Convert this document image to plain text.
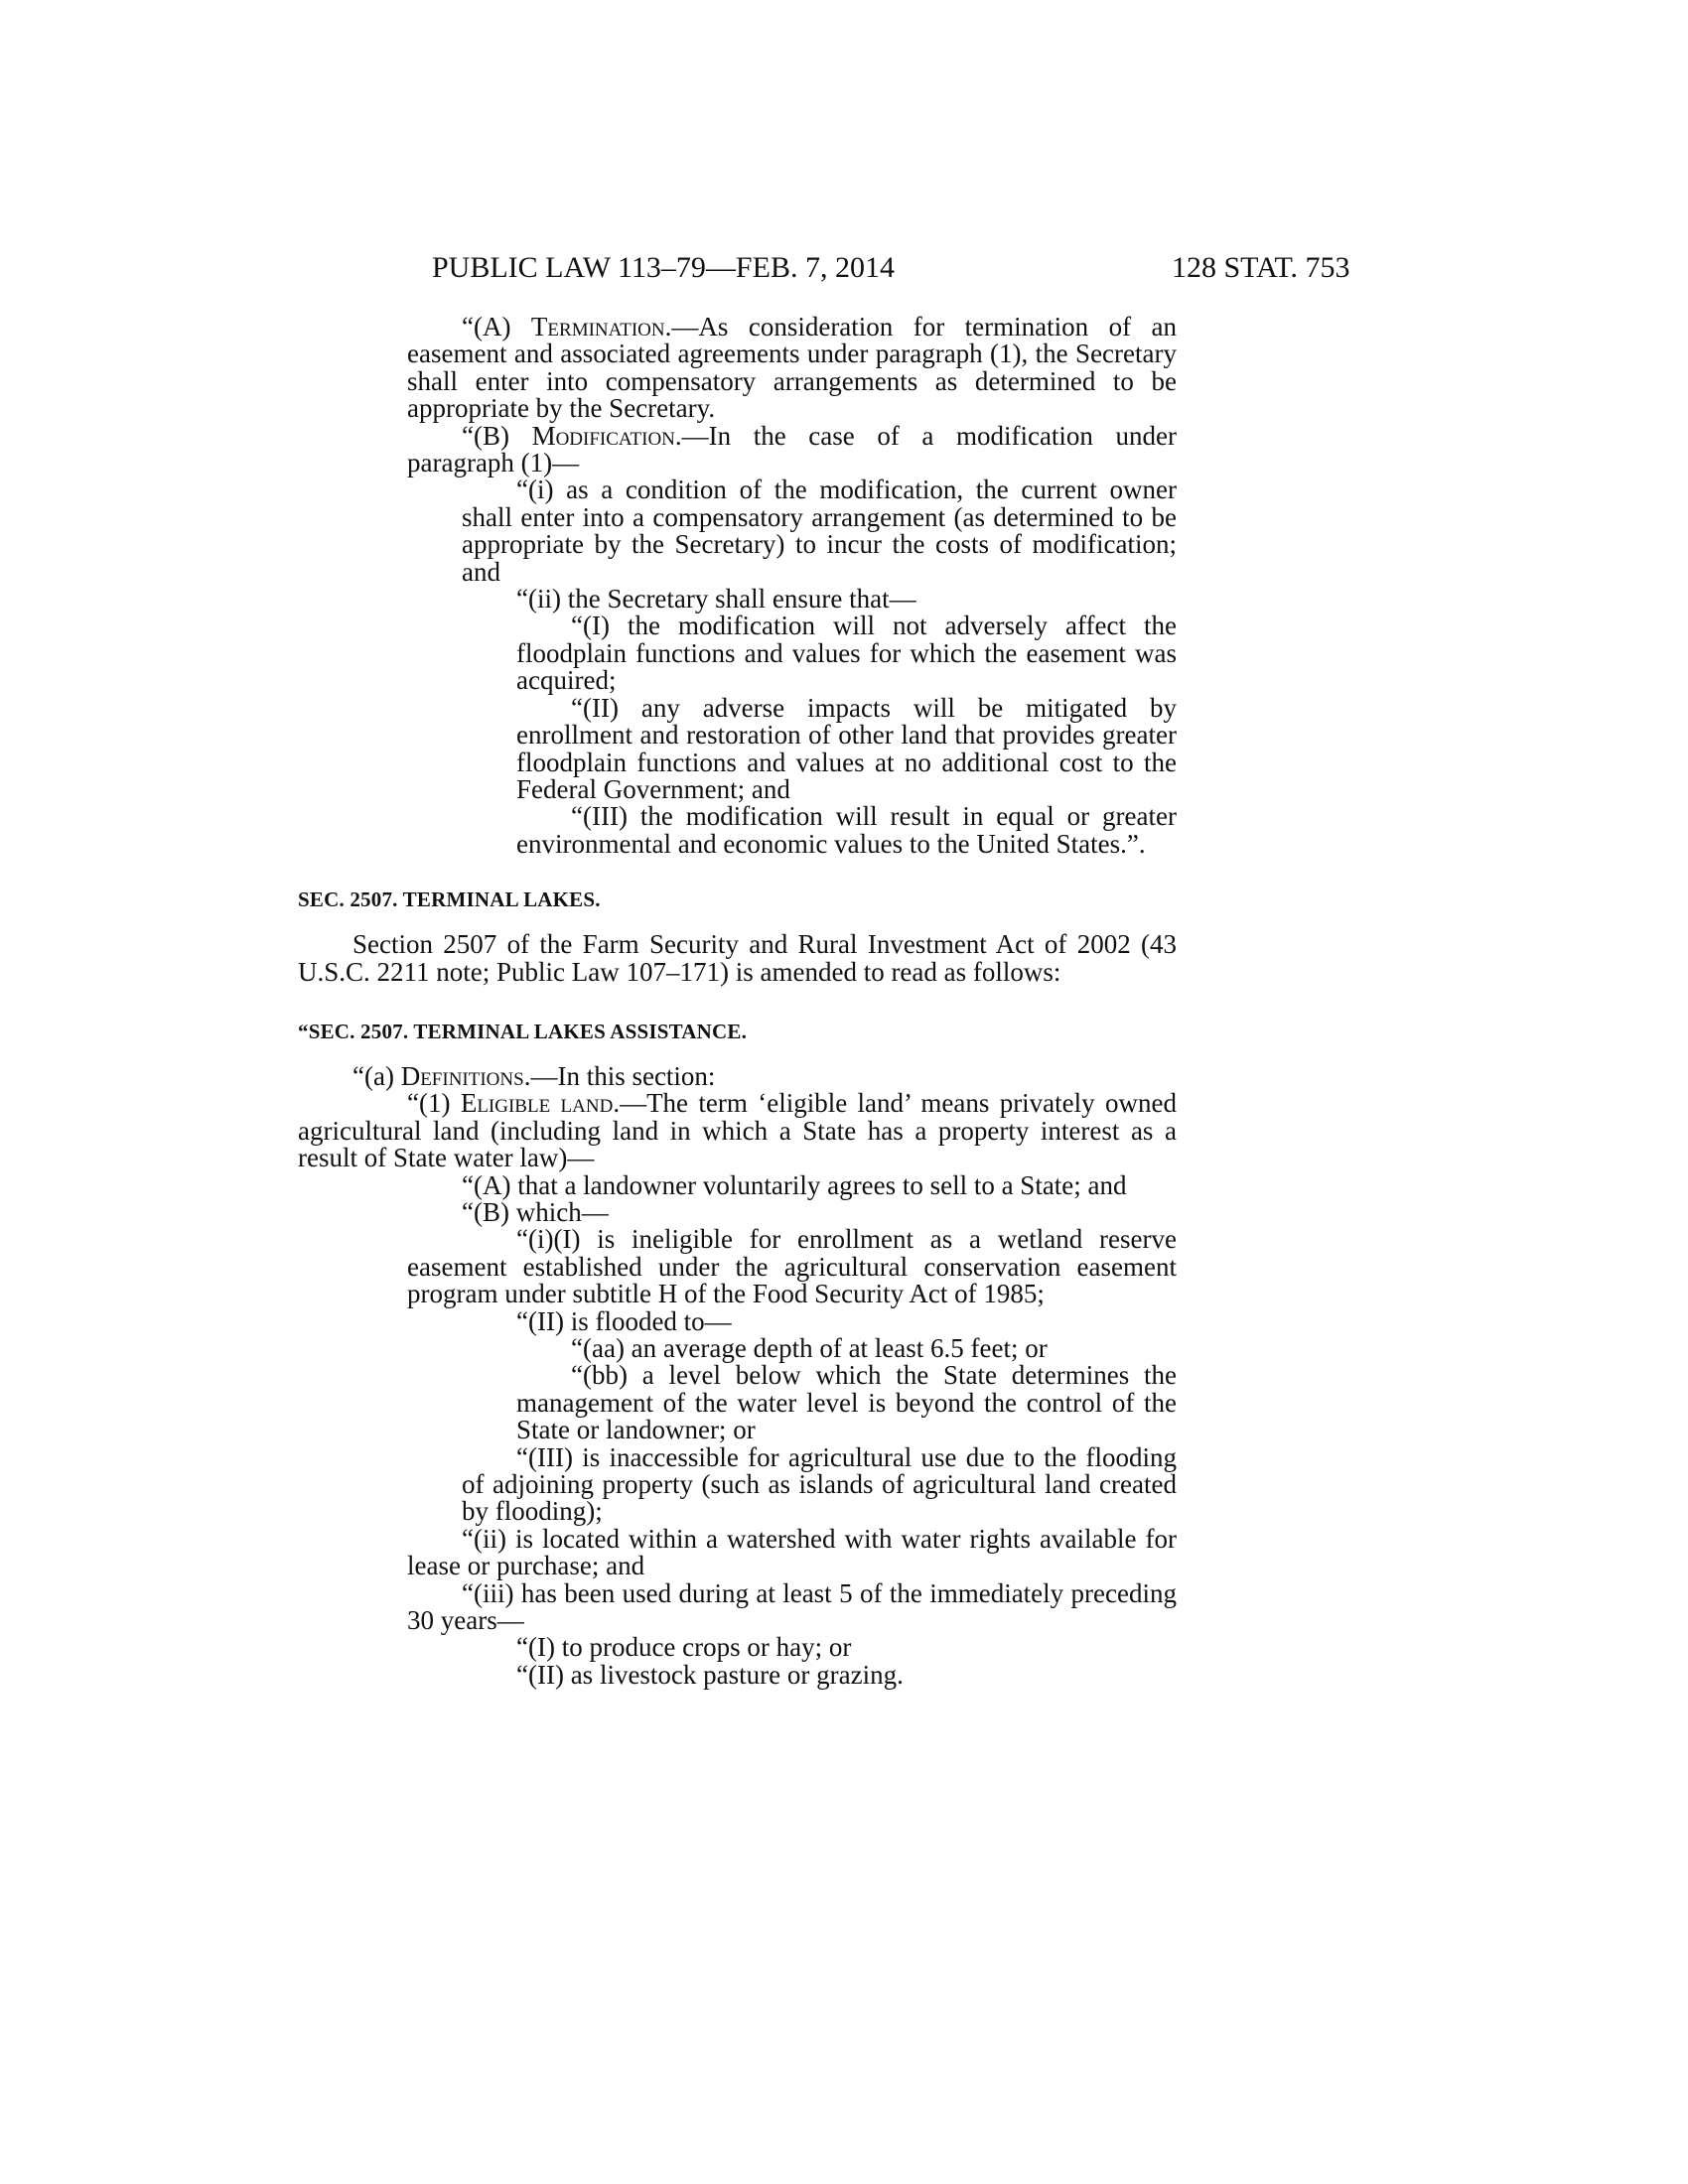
PUBLIC LAW 113–79—FEB. 7, 2014	128 STAT. 753

“(A) Termination.—As consideration for termination of an easement and associated agreements under paragraph (1), the Secretary shall enter into compensatory arrangements as determined to be appropriate by the Secretary.

“(B) Modification.—In the case of a modification under paragraph (1)—

“(i) as a condition of the modification, the current owner shall enter into a compensatory arrangement (as determined to be appropriate by the Secretary) to incur the costs of modification; and

“(ii) the Secretary shall ensure that—

“(I) the modification will not adversely affect the floodplain functions and values for which the easement was acquired;

“(II) any adverse impacts will be mitigated by enrollment and restoration of other land that provides greater floodplain functions and values at no additional cost to the Federal Government; and

“(III) the modification will result in equal or greater environmental and economic values to the United States.”.

SEC. 2507. TERMINAL LAKES.

Section 2507 of the Farm Security and Rural Investment Act of 2002 (43 U.S.C. 2211 note; Public Law 107–171) is amended to read as follows:

“SEC. 2507. TERMINAL LAKES ASSISTANCE.

“(a) Definitions.—In this section:

“(1) Eligible land.—The term ‘eligible land’ means privately owned agricultural land (including land in which a State has a property interest as a result of State water law)—

“(A) that a landowner voluntarily agrees to sell to a State; and

“(B) which—

“(i)(I) is ineligible for enrollment as a wetland reserve easement established under the agricultural conservation easement program under subtitle H of the Food Security Act of 1985;

“(II) is flooded to—

“(aa) an average depth of at least 6.5 feet; or

“(bb) a level below which the State determines the management of the water level is beyond the control of the State or landowner; or

“(III) is inaccessible for agricultural use due to the flooding of adjoining property (such as islands of agricultural land created by flooding);

“(ii) is located within a watershed with water rights available for lease or purchase; and

“(iii) has been used during at least 5 of the immediately preceding 30 years—

“(I) to produce crops or hay; or

“(II) as livestock pasture or grazing.
